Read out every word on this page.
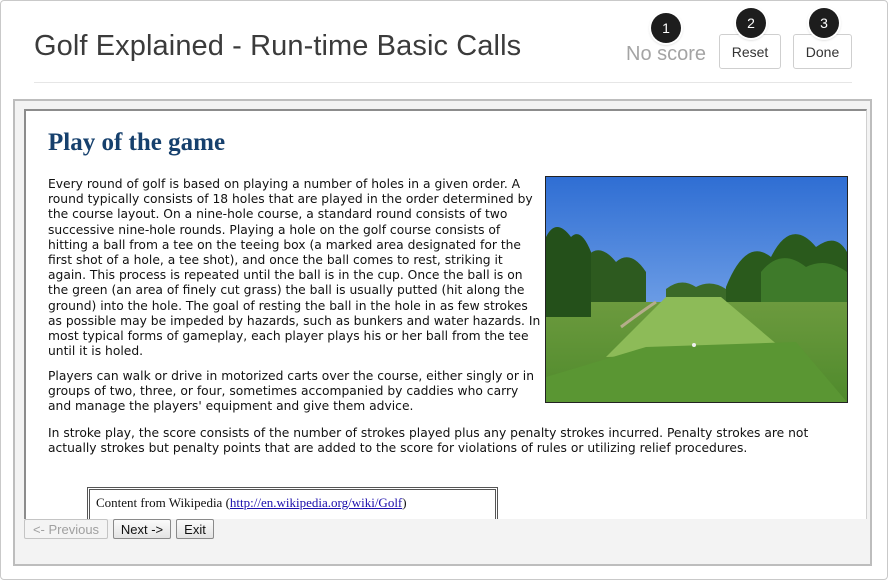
Golf Explained - Run-time Basic Calls	No score	Reset	Done
1	2	3
Play of the game

Every round of golf is based on playing a number of holes in a given order. A round typically consists of 18 holes that are played in the order determined by the course layout. On a nine-hole course, a standard round consists of two successive nine-hole rounds. Playing a hole on the golf course consists of hitting a ball from a tee on the teeing box (a marked area designated for the first shot of a hole, a tee shot), and once the ball comes to rest, striking it again. This process is repeated until the ball is in the cup. Once the ball is on the green (an area of finely cut grass) the ball is usually putted (hit along the ground) into the hole. The goal of resting the ball in the hole in as few strokes as possible may be impeded by hazards, such as bunkers and water hazards. In most typical forms of gameplay, each player plays his or her ball from the tee until it is holed.

Players can walk or drive in motorized carts over the course, either singly or in groups of two, three, or four, sometimes accompanied by caddies who carry and manage the players' equipment and give them advice.

In stroke play, the score consists of the number of strokes played plus any penalty strokes incurred. Penalty strokes are not actually strokes but penalty points that are added to the score for violations of rules or utilizing relief procedures.

Content from Wikipedia (http://en.wikipedia.org/wiki/Golf)
<- Previous	Next ->	Exit
